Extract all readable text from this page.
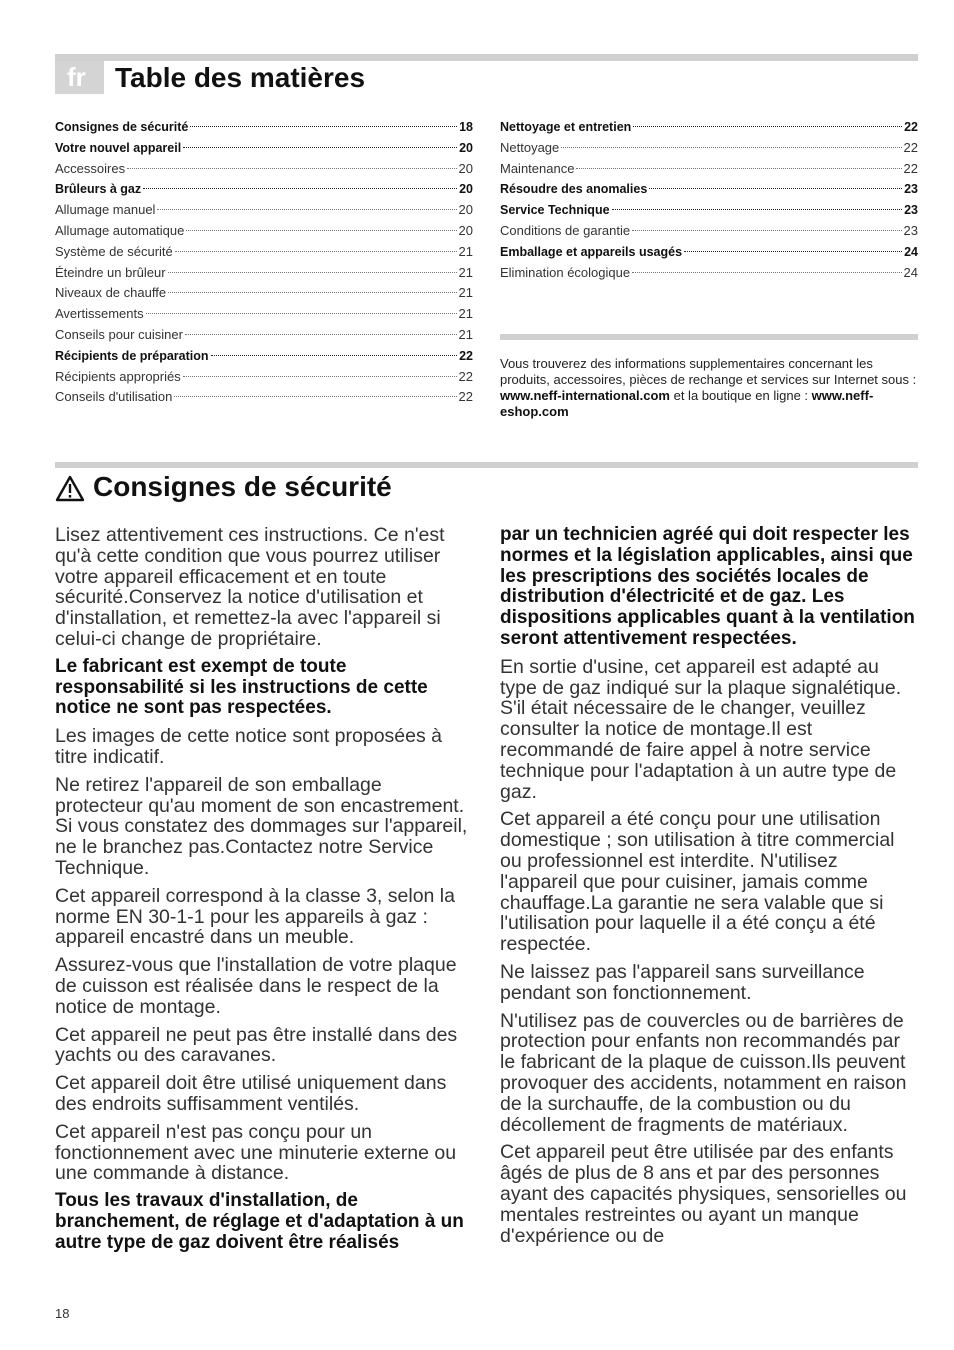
fr	Table des matières
Consignes de sécurité	18
Votre nouvel appareil	20
Accessoires	20
Brûleurs à gaz	20
Allumage manuel	20
Allumage automatique	20
Système de sécurité	21
Éteindre un brûleur	21
Niveaux de chauffe	21
Avertissements	21
Conseils pour cuisiner	21
Récipients de préparation	22
Récipients appropriés	22
Conseils d'utilisation	22
Nettoyage et entretien	22
Nettoyage	22
Maintenance	22
Résoudre des anomalies	23
Service Technique	23
Conditions de garantie	23
Emballage et appareils usagés	24
Elimination écologique	24
Vous trouverez des informations supplementaires concernant les produits, accessoires, pièces de rechange et services sur Internet sous : www.neff-international.com et la boutique en ligne : www.neff-eshop.com
Consignes de sécurité

Lisez attentivement ces instructions. Ce n'est qu'à cette condition que vous pourrez utiliser votre appareil efficacement et en toute sécurité.Conservez la notice d'utilisation et d'installation, et remettez-la avec l'appareil si celui-ci change de propriétaire.

Le fabricant est exempt de toute responsabilité si les instructions de cette notice ne sont pas respectées.

Les images de cette notice sont proposées à titre indicatif.

Ne retirez l'appareil de son emballage protecteur qu'au moment de son encastrement. Si vous constatez des dommages sur l'appareil, ne le branchez pas.Contactez notre Service Technique.

Cet appareil correspond à la classe 3, selon la norme EN 30-1-1 pour les appareils à gaz : appareil encastré dans un meuble.

Assurez-vous que l'installation de votre plaque de cuisson est réalisée dans le respect de la notice de montage.

Cet appareil ne peut pas être installé dans des yachts ou des caravanes.

Cet appareil doit être utilisé uniquement dans des endroits suffisamment ventilés.

Cet appareil n'est pas conçu pour un fonctionnement avec une minuterie externe ou une commande à distance.

Tous les travaux d'installation, de branchement, de réglage et d'adaptation à un autre type de gaz doivent être réalisés

par un technicien agréé qui doit respecter les normes et la législation applicables, ainsi que les prescriptions des sociétés locales de distribution d'électricité et de gaz. Les dispositions applicables quant à la ventilation seront attentivement respectées.

En sortie d'usine, cet appareil est adapté au type de gaz indiqué sur la plaque signalétique. S'il était nécessaire de le changer, veuillez consulter la notice de montage.Il est recommandé de faire appel à notre service technique pour l'adaptation à un autre type de gaz.

Cet appareil a été conçu pour une utilisation domestique ; son utilisation à titre commercial ou professionnel est interdite. N'utilisez l'appareil que pour cuisiner, jamais comme chauffage.La garantie ne sera valable que si l'utilisation pour laquelle il a été conçu a été respectée.

Ne laissez pas l'appareil sans surveillance pendant son fonctionnement.

N'utilisez pas de couvercles ou de barrières de protection pour enfants non recommandés par le fabricant de la plaque de cuisson.Ils peuvent provoquer des accidents, notamment en raison de la surchauffe, de la combustion ou du décollement de fragments de matériaux.

Cet appareil peut être utilisée par des enfants âgés de plus de 8 ans et par des personnes ayant des capacités physiques, sensorielles ou mentales restreintes ou ayant un manque d'expérience ou de

18
